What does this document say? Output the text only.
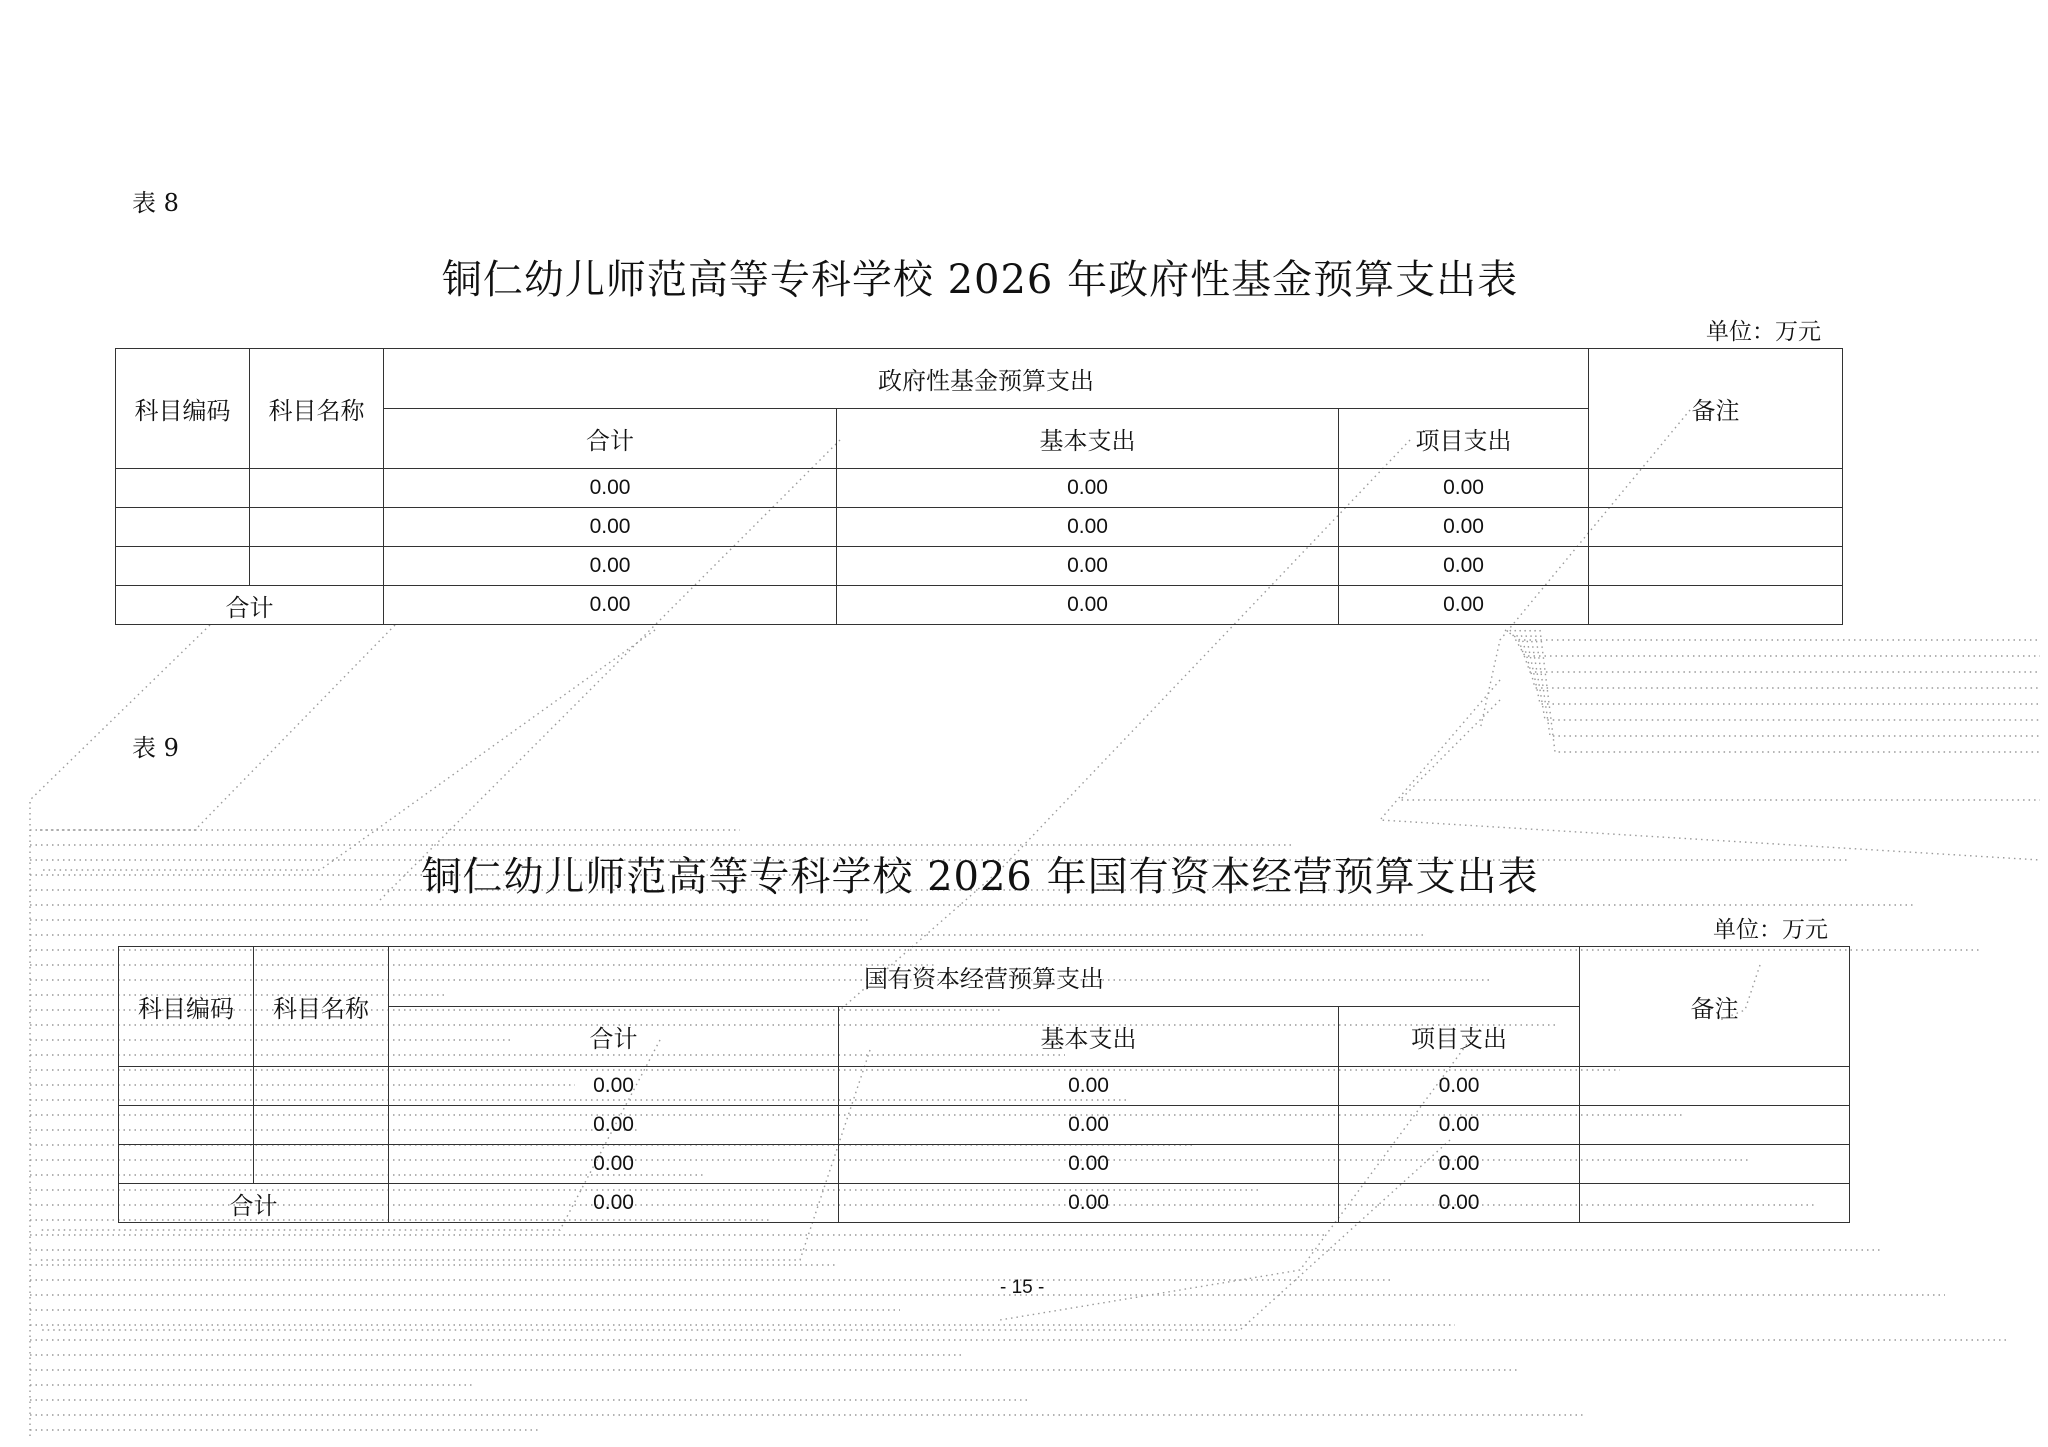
表 8
铜仁幼儿师范高等专科学校 2026 年政府性基金预算支出表
单位：万元
科目编码	科目名称	政府性基金预算支出			备注
		合计	基本支出	项目支出	
		0.00	0.00	0.00	
		0.00	0.00	0.00	
		0.00	0.00	0.00	
合计		0.00	0.00	0.00	
表 9
铜仁幼儿师范高等专科学校 2026 年国有资本经营预算支出表
单位：万元
科目编码	科目名称	国有资本经营预算支出			备注
		合计	基本支出	项目支出	
		0.00	0.00	0.00	
		0.00	0.00	0.00	
		0.00	0.00	0.00	
合计		0.00	0.00	0.00	
- 15 -
